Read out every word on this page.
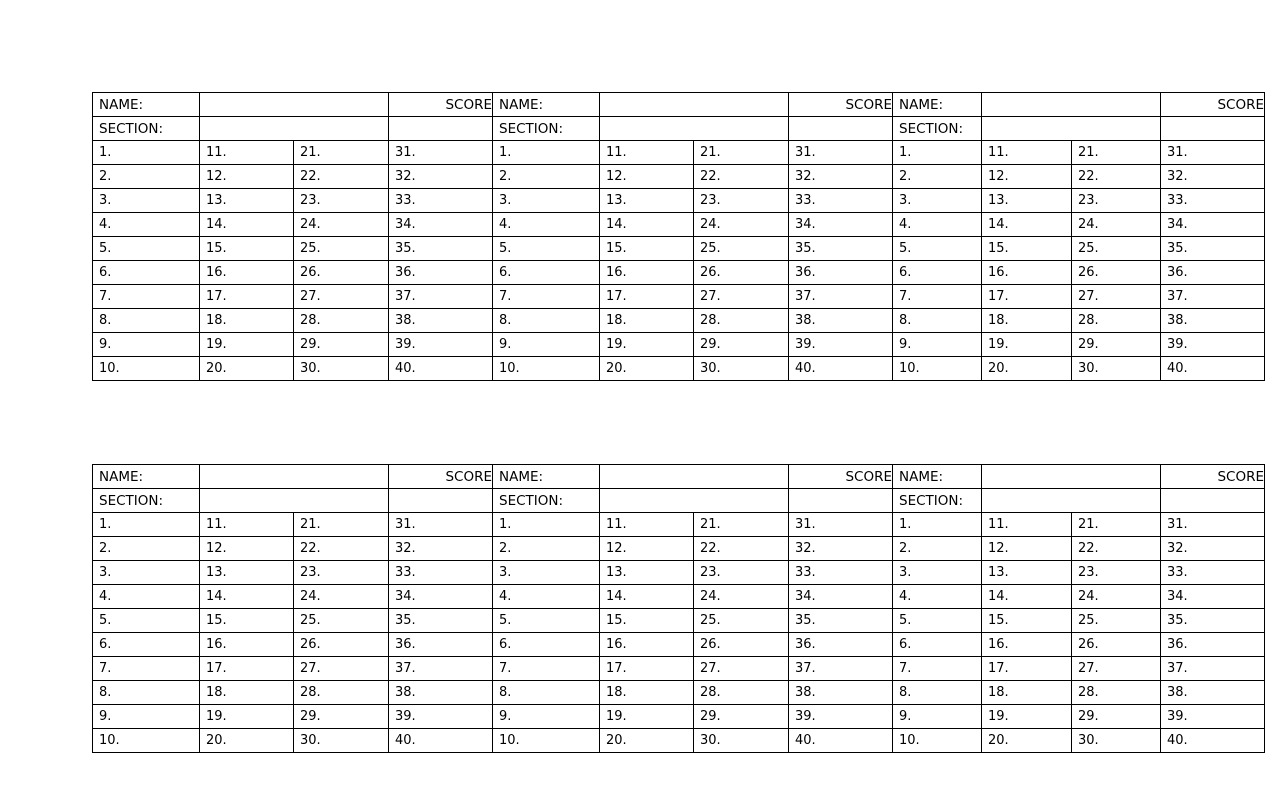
NAME:			SCORE
SECTION:			
1.	11.	21.	31.
2.	12.	22.	32.
3.	13.	23.	33.
4.	14.	24.	34.
5.	15.	25.	35.
6.	16.	26.	36.
7.	17.	27.	37.
8.	18.	28.	38.
9.	19.	29.	39.
10.	20.	30.	40.
NAME:			SCORE
SECTION:			
1.	11.	21.	31.
2.	12.	22.	32.
3.	13.	23.	33.
4.	14.	24.	34.
5.	15.	25.	35.
6.	16.	26.	36.
7.	17.	27.	37.
8.	18.	28.	38.
9.	19.	29.	39.
10.	20.	30.	40.
NAME:			SCORE
SECTION:			
1.	11.	21.	31.
2.	12.	22.	32.
3.	13.	23.	33.
4.	14.	24.	34.
5.	15.	25.	35.
6.	16.	26.	36.
7.	17.	27.	37.
8.	18.	28.	38.
9.	19.	29.	39.
10.	20.	30.	40.
NAME:			SCORE
SECTION:			
1.	11.	21.	31.
2.	12.	22.	32.
3.	13.	23.	33.
4.	14.	24.	34.
5.	15.	25.	35.
6.	16.	26.	36.
7.	17.	27.	37.
8.	18.	28.	38.
9.	19.	29.	39.
10.	20.	30.	40.
NAME:			SCORE
SECTION:			
1.	11.	21.	31.
2.	12.	22.	32.
3.	13.	23.	33.
4.	14.	24.	34.
5.	15.	25.	35.
6.	16.	26.	36.
7.	17.	27.	37.
8.	18.	28.	38.
9.	19.	29.	39.
10.	20.	30.	40.
NAME:			SCORE
SECTION:			
1.	11.	21.	31.
2.	12.	22.	32.
3.	13.	23.	33.
4.	14.	24.	34.
5.	15.	25.	35.
6.	16.	26.	36.
7.	17.	27.	37.
8.	18.	28.	38.
9.	19.	29.	39.
10.	20.	30.	40.
